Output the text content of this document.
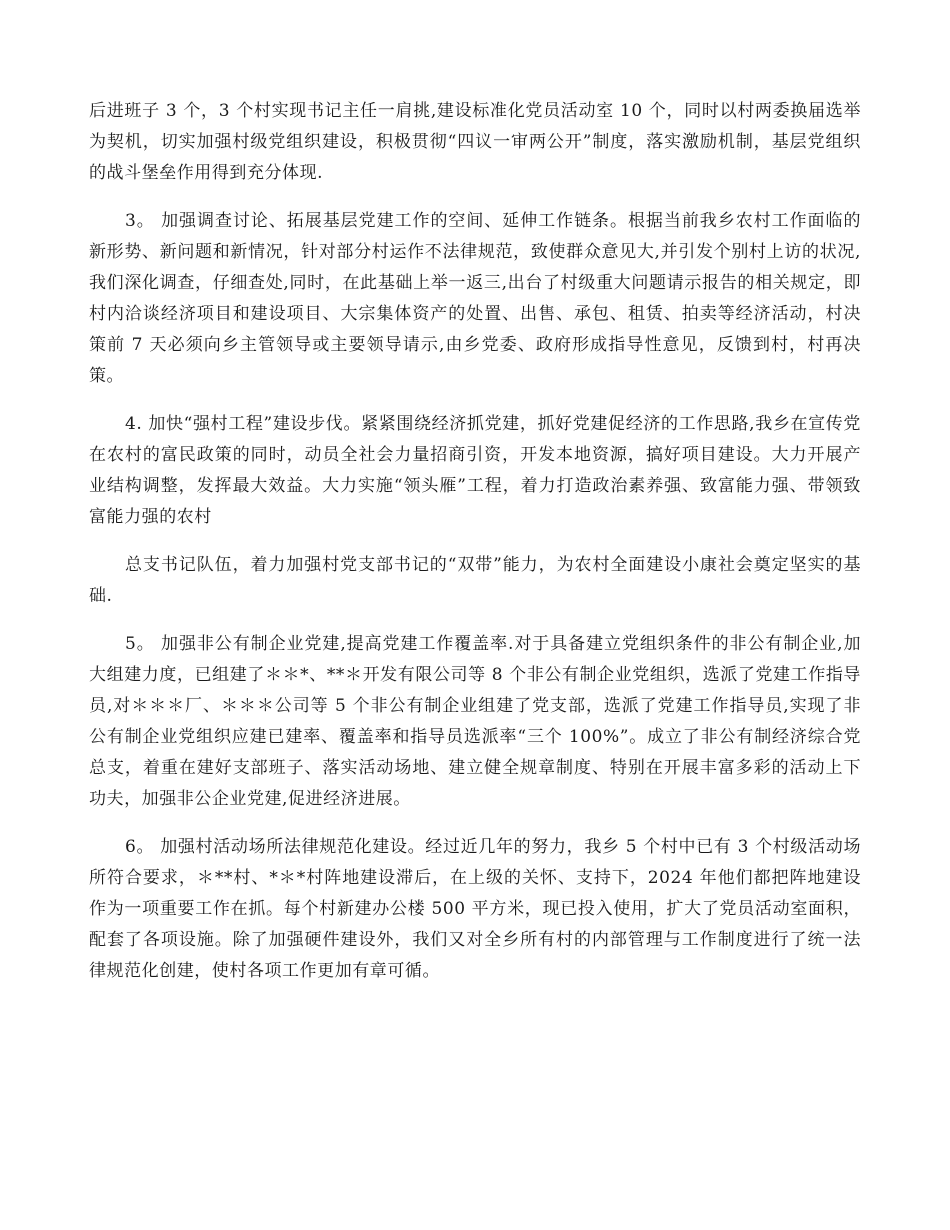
后进班子 3 个，3 个村实现书记主任一肩挑,建设标准化党员活动室 10 个，同时以村两委换届选举为契机，切实加强村级党组织建设，积极贯彻“四议一审两公开”制度，落实激励机制，基层党组织的战斗堡垒作用得到充分体现.

3。 加强调查讨论、拓展基层党建工作的空间、延伸工作链条。根据当前我乡农村工作面临的新形势、新问题和新情况，针对部分村运作不法律规范，致使群众意见大,并引发个别村上访的状况,我们深化调查，仔细查处,同时，在此基础上举一返三,出台了村级重大问题请示报告的相关规定，即村内洽谈经济项目和建设项目、大宗集体资产的处置、出售、承包、租赁、拍卖等经济活动，村决策前 7 天必须向乡主管领导或主要领导请示,由乡党委、政府形成指导性意见，反馈到村，村再决策。

4. 加快“强村工程”建设步伐。紧紧围绕经济抓党建，抓好党建促经济的工作思路,我乡在宣传党在农村的富民政策的同时，动员全社会力量招商引资，开发本地资源，搞好项目建设。大力开展产业结构调整，发挥最大效益。大力实施“领头雁”工程，着力打造政治素养强、致富能力强、带领致富能力强的农村

总支书记队伍，着力加强村党支部书记的“双带”能力，为农村全面建设小康社会奠定坚实的基础.

5。 加强非公有制企业党建,提高党建工作覆盖率.对于具备建立党组织条件的非公有制企业,加大组建力度，已组建了＊＊*、**＊开发有限公司等 8 个非公有制企业党组织，选派了党建工作指导员,对＊＊＊厂、＊＊＊公司等 5 个非公有制企业组建了党支部，选派了党建工作指导员,实现了非公有制企业党组织应建已建率、覆盖率和指导员选派率“三个 100%”。成立了非公有制经济综合党总支，着重在建好支部班子、落实活动场地、建立健全规章制度、特别在开展丰富多彩的活动上下功夫，加强非公企业党建,促进经济进展。

6。 加强村活动场所法律规范化建设。经过近几年的努力，我乡 5 个村中已有 3 个村级活动场所符合要求，＊**村、*＊*村阵地建设滞后，在上级的关怀、支持下，2024 年他们都把阵地建设作为一项重要工作在抓。每个村新建办公楼 500 平方米，现已投入使用，扩大了党员活动室面积，配套了各项设施。除了加强硬件建设外，我们又对全乡所有村的内部管理与工作制度进行了统一法律规范化创建，使村各项工作更加有章可循。
